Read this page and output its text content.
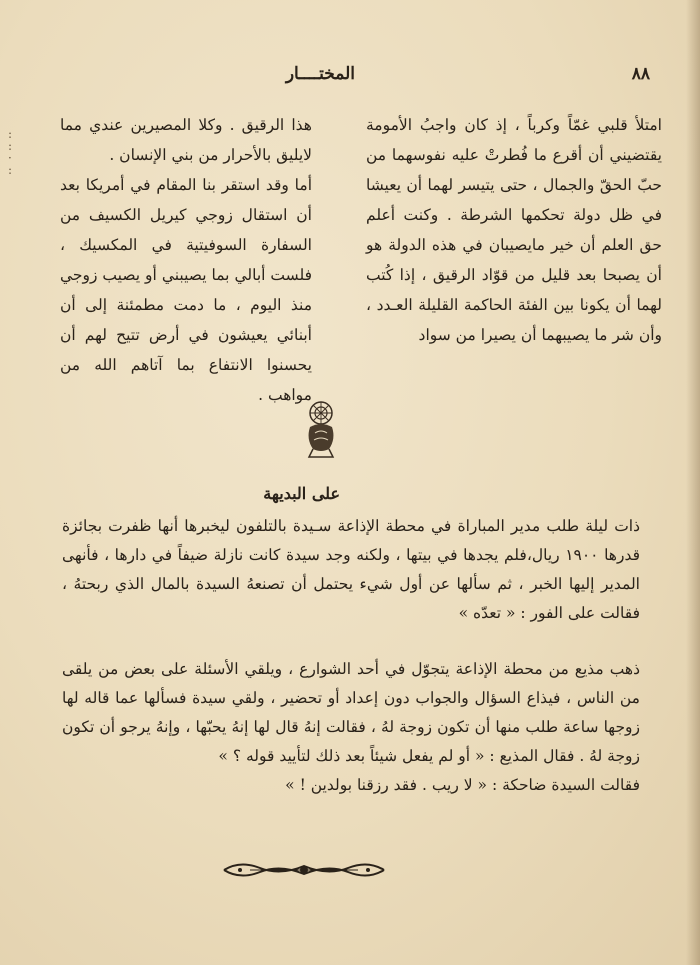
٨٨
المختــــار

امتلأ قلبي غمّاً وكرباً ، إذ كان واجبُ الأمومة يقتضيني أن أقرع ما فُطرتْ عليه نفوسهما من حبّ الحقّ والجمال ، حتى يتيسر لهما أن يعيشا في ظل دولة تحكمها الشرطة . وكنت أعلم حق العلم أن خير مايصيبان في هذه الدولة هو أن يصبحا بعد قليل من قوّاد الرقيق ، إذا كُتب لهما أن يكونا بين الفئة الحاكمة القليلة العـدد ، وأن شر ما يصيبهما أن يصيرا من سواد

هذا الرقيق . وكلا المصيرين عندي مما لايليق بالأحرار من بني الإنسان .

أما وقد استقر بنا المقام في أمريكا بعد أن استقال زوجي كيريل الكسيف من السفارة السوفيتية في المكسيك ، فلست أبالي بما يصيبني أو يصيب زوجي منذ اليوم ، ما دمت مطمئنة إلى أن أبنائي يعيشون في أرض تتيح لهم أن يحسنوا الانتفاع بما آتاهم الله من مواهب .

:
:
·
:
على البديهة

ذات ليلة طلب مدير المباراة في محطة الإذاعة سـيدة بالتلفون ليخبرها أنها ظفرت بجائزة قدرها ١٩٠٠ ريال،فلم يجدها في بيتها ، ولكنه وجد سيدة كانت نازلة ضيفاً في دارها ، فأنهى المدير إليها الخبر ، ثم سألها عن أول شيء يحتمل أن تصنعهُ السيدة بالمال الذي ربحتهُ ، فقالت على الفور : « تعدّه »

ذهب مذيع من محطة الإذاعة يتجوّل في أحد الشوارع ، ويلقي الأسئلة على بعض من يلقى من الناس ، فيذاع السؤال والجواب دون إعداد أو تحضير ، ولقي سيدة فسألها عما قاله لها زوجها ساعة طلب منها أن تكون زوجة لهُ ، فقالت إنهُ قال لها إنهُ يحبّها ، وإنهُ يرجو أن تكون زوجة لهُ . فقال المذيع : « أو لم يفعل شيئاً بعد ذلك لتأييد قوله ؟ »

فقالت السيدة ضاحكة : « لا ريب . فقد رزقنا بولدين ! »
